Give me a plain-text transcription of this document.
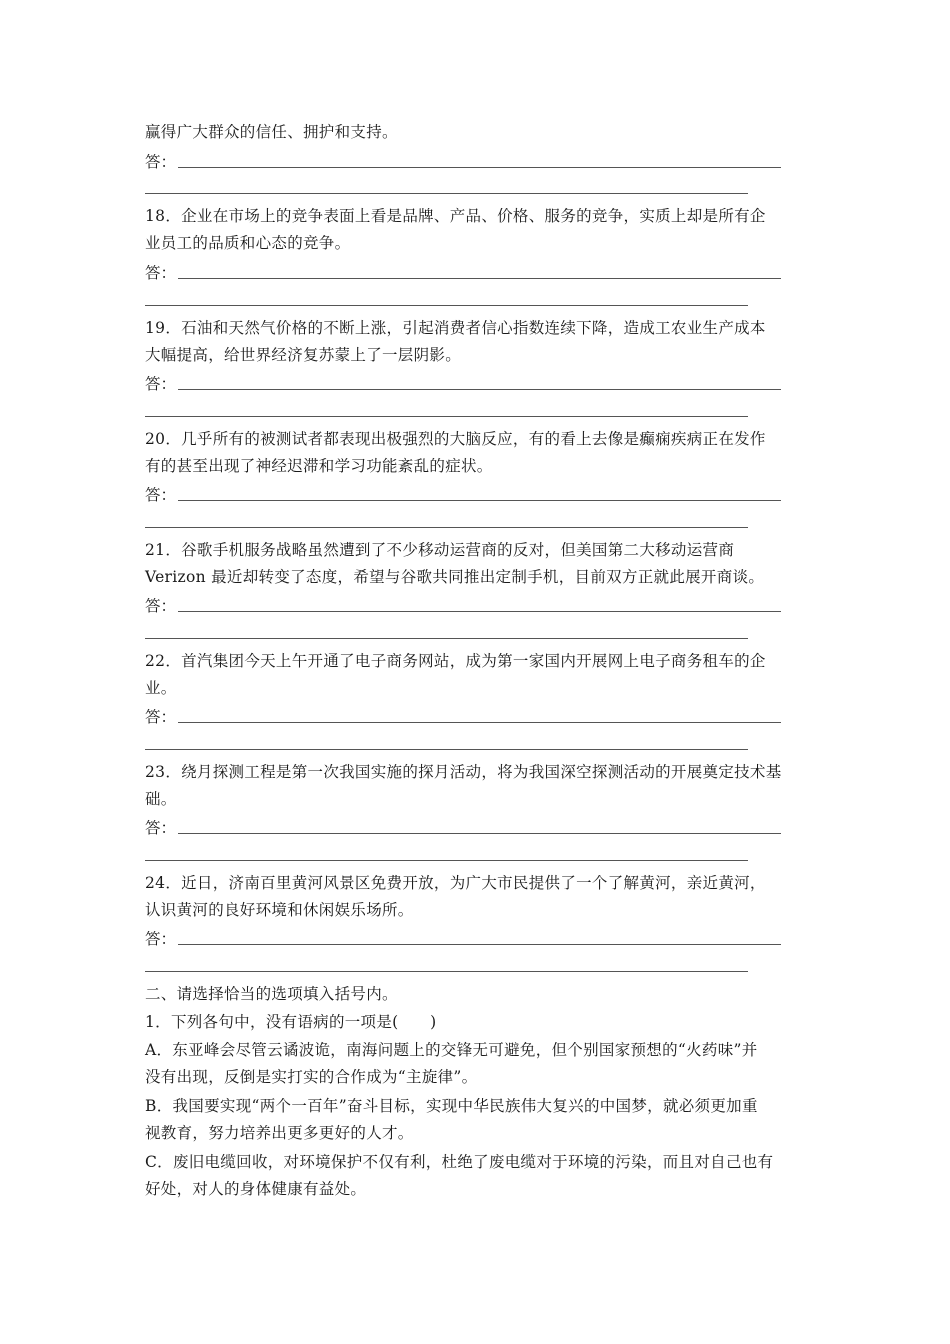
赢得广大群众的信任、拥护和支持。
答：
18．企业在市场上的竞争表面上看是品牌、产品、价格、服务的竞争，实质上却是所有企
业员工的品质和心态的竞争。
答：
19．石油和天然气价格的不断上涨，引起消费者信心指数连续下降，造成工农业生产成本
大幅提高，给世界经济复苏蒙上了一层阴影。
答：
20．几乎所有的被测试者都表现出极强烈的大脑反应，有的看上去像是癫痫疾病正在发作
有的甚至出现了神经迟滞和学习功能紊乱的症状。
答：
21．谷歌手机服务战略虽然遭到了不少移动运营商的反对，但美国第二大移动运营商
Verizon 最近却转变了态度，希望与谷歌共同推出定制手机，目前双方正就此展开商谈。
答：
22．首汽集团今天上午开通了电子商务网站，成为第一家国内开展网上电子商务租车的企
业。
答：
23．绕月探测工程是第一次我国实施的探月活动，将为我国深空探测活动的开展奠定技术基
础。
答：
24．近日，济南百里黄河风景区免费开放，为广大市民提供了一个了解黄河，亲近黄河，
认识黄河的良好环境和休闲娱乐场所。
答：
二、请选择恰当的选项填入括号内。
1．下列各句中，没有语病的一项是(　　)
A．东亚峰会尽管云谲波诡，南海问题上的交锋无可避免，但个别国家预想的“火药味”并
没有出现，反倒是实打实的合作成为“主旋律”。
B．我国要实现“两个一百年”奋斗目标，实现中华民族伟大复兴的中国梦，就必须更加重
视教育，努力培养出更多更好的人才。
C．废旧电缆回收，对环境保护不仅有利，杜绝了废电缆对于环境的污染，而且对自己也有
好处，对人的身体健康有益处。
